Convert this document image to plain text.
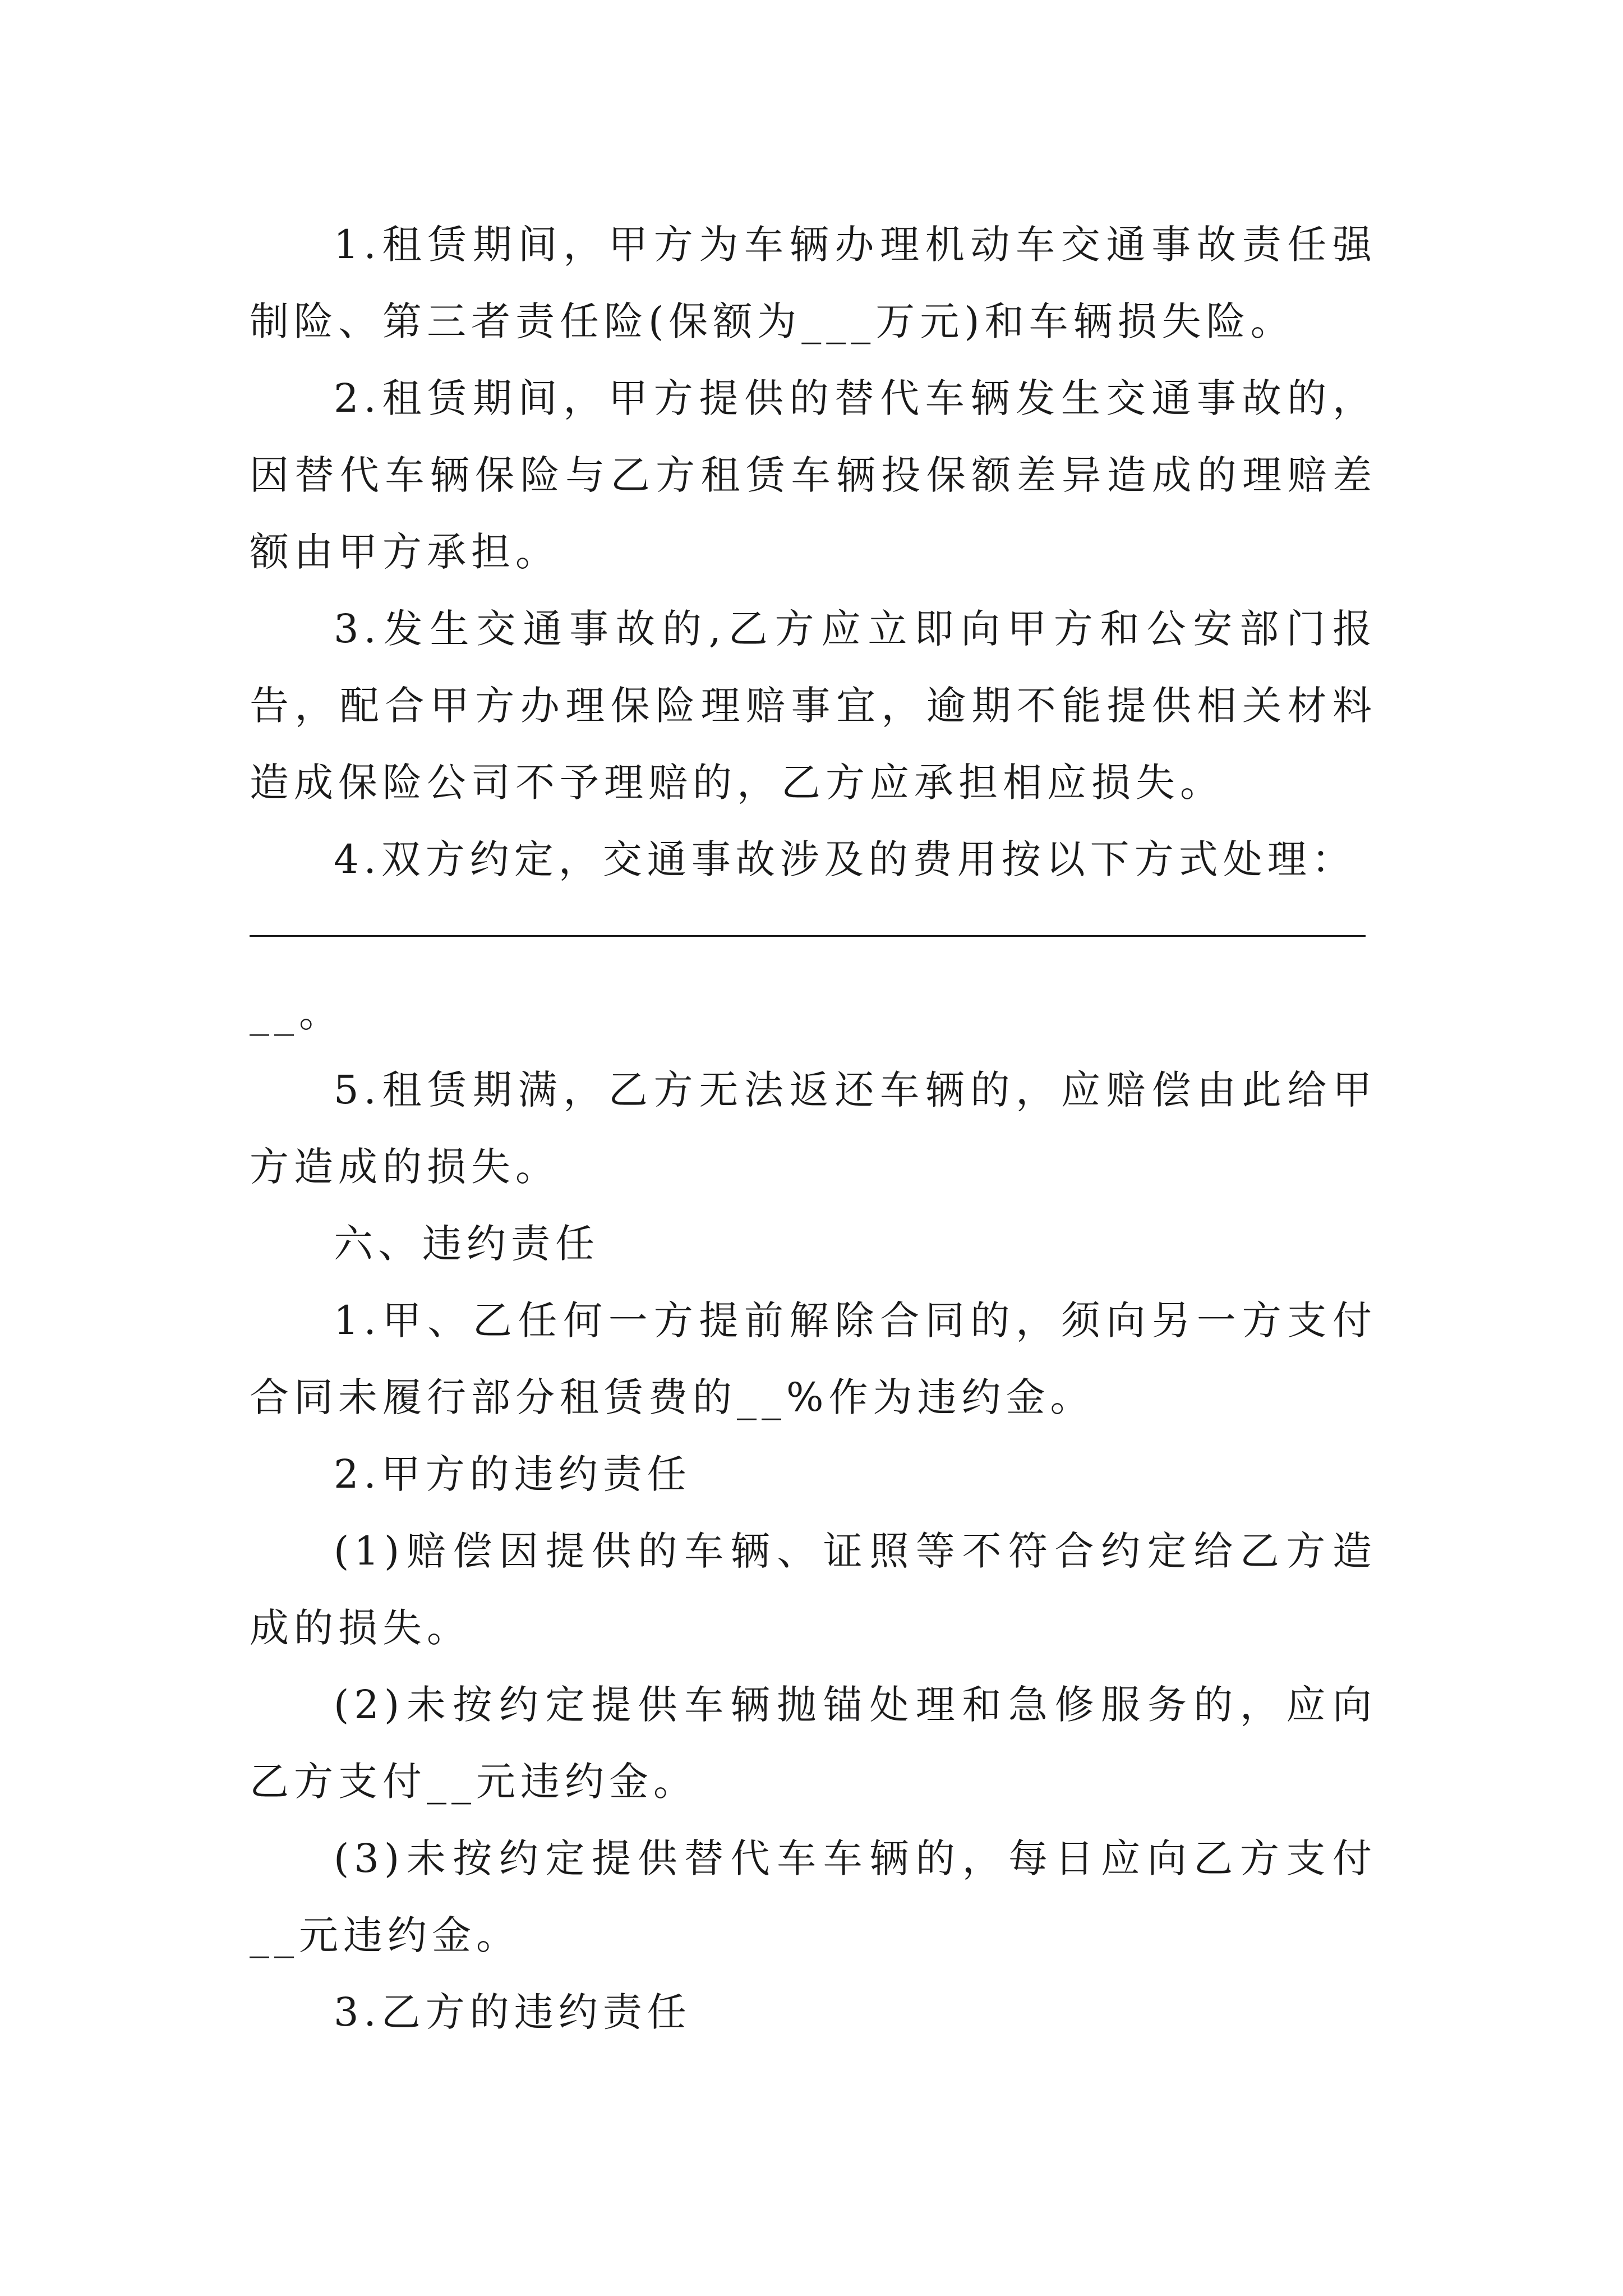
1.租赁期间，甲方为车辆办理机动车交通事故责任强制险、第三者责任险(保额为___万元)和车辆损失险。

2.租赁期间，甲方提供的替代车辆发生交通事故的，因替代车辆保险与乙方租赁车辆投保额差异造成的理赔差额由甲方承担。

3.发生交通事故的,乙方应立即向甲方和公安部门报告，配合甲方办理保险理赔事宜，逾期不能提供相关材料造成保险公司不予理赔的，乙方应承担相应损失。

4.双方约定，交通事故涉及的费用按以下方式处理：

__。

5.租赁期满，乙方无法返还车辆的，应赔偿由此给甲方造成的损失。

六、违约责任

1.甲、乙任何一方提前解除合同的，须向另一方支付合同未履行部分租赁费的__%作为违约金。

2.甲方的违约责任

(1)赔偿因提供的车辆、证照等不符合约定给乙方造成的损失。

(2)未按约定提供车辆抛锚处理和急修服务的，应向乙方支付__元违约金。

(3)未按约定提供替代车车辆的，每日应向乙方支付__元违约金。

3.乙方的违约责任
